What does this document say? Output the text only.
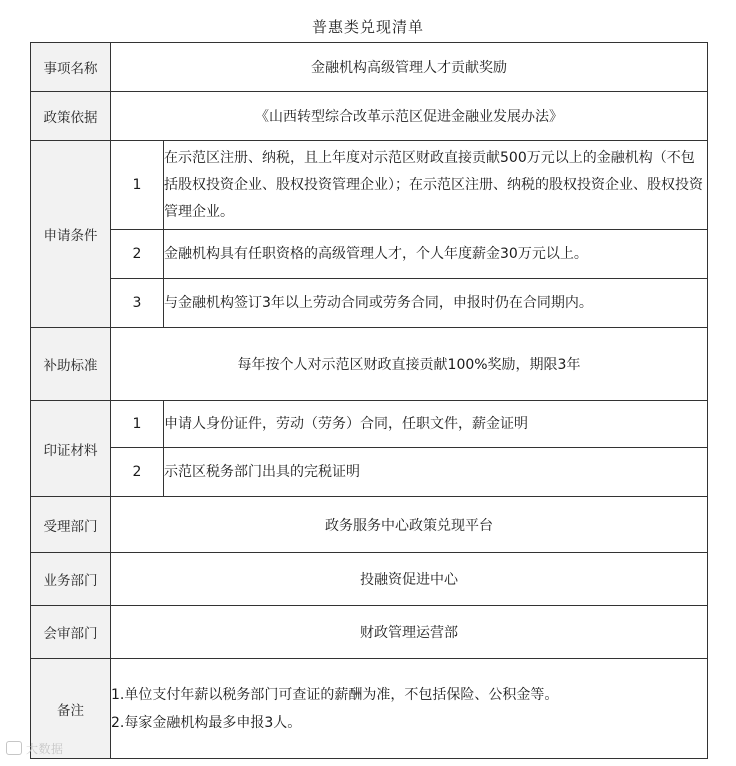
普惠类兑现清单
事项名称	金融机构高级管理人才贡献奖励	
政策依据	《山西转型综合改革示范区促进金融业发展办法》	
申请条件	1	在示范区注册、纳税，且上年度对示范区财政直接贡献500万元以上的金融机构（不包括股权投资企业、股权投资管理企业）；在示范区注册、纳税的股权投资企业、股权投资管理企业。
	2	金融机构具有任职资格的高级管理人才，个人年度薪金30万元以上。
	3	与金融机构签订3年以上劳动合同或劳务合同，申报时仍在合同期内。
补助标准	每年按个人对示范区财政直接贡献100%奖励，期限3年	
印证材料	1	申请人身份证件，劳动（劳务）合同，任职文件，薪金证明
	2	示范区税务部门出具的完税证明
受理部门	政务服务中心政策兑现平台	
业务部门	投融资促进中心	
会审部门	财政管理运营部	
备注	1.单位支付年薪以税务部门可查证的薪酬为准，不包括保险、公积金等。
2.每家金融机构最多申报3人。	
大数据
